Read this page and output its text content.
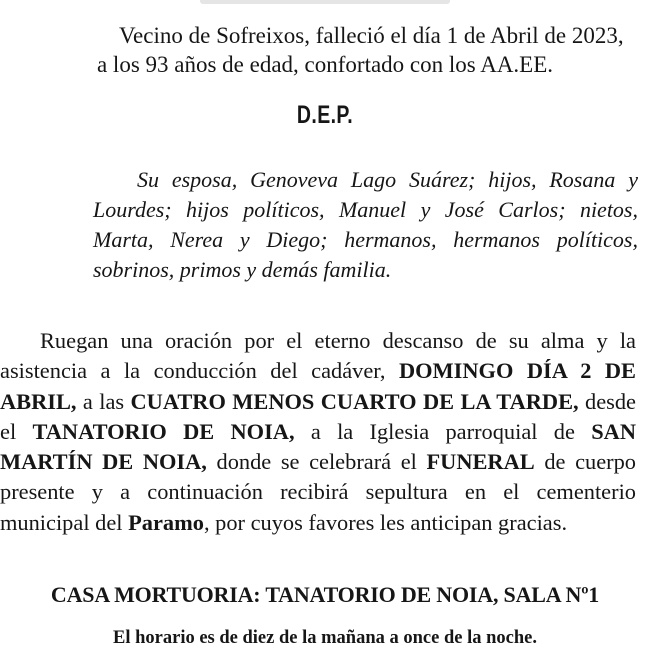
Vecino de Sofreixos, falleció el día 1 de Abril de 2023,

a los 93 años de edad, confortado con los AA.EE.

D.E.P.

Su esposa, Genoveva Lago Suárez; hijos, Rosana y Lourdes; hijos políticos, Manuel y José Carlos; nietos, Marta, Nerea y Diego; hermanos, hermanos políticos, sobrinos, primos y demás familia.

Ruegan una oración por el eterno descanso de su alma y la asistencia a la conducción del cadáver, DOMINGO DÍA 2 DE ABRIL, a las CUATRO MENOS CUARTO DE LA TARDE, desde el TANATORIO DE NOIA, a la Iglesia parroquial de SAN MARTÍN DE NOIA, donde se celebrará el FUNERAL de cuerpo presente y a continuación recibirá sepultura en el cementerio municipal del Paramo, por cuyos favores les anticipan gracias.

CASA MORTUORIA: TANATORIO DE NOIA, SALA Nº1

El horario es de diez de la mañana a once de la noche.
